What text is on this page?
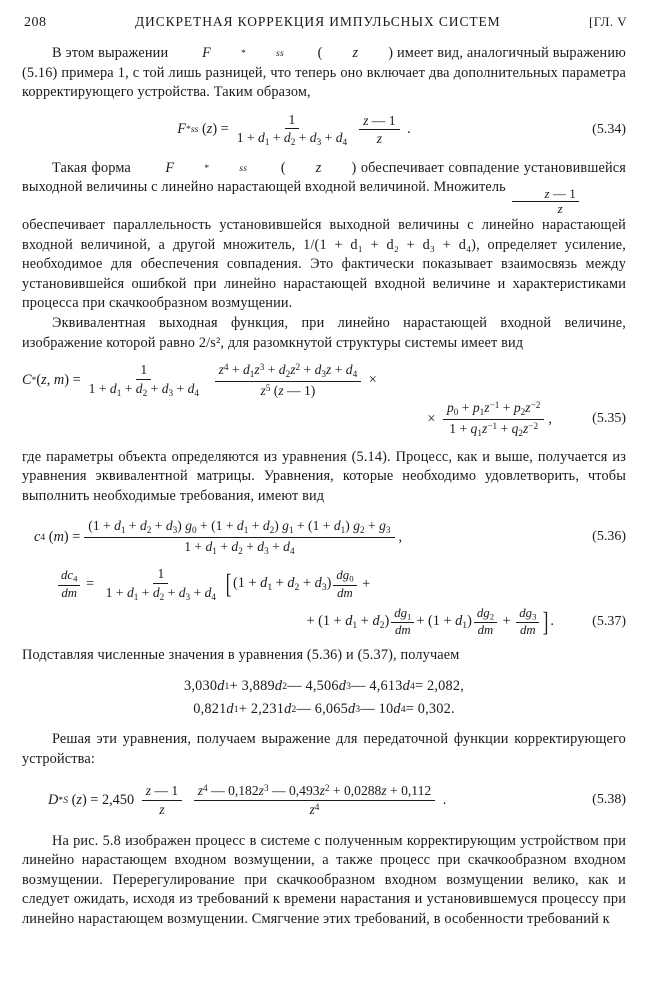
208	ДИСКРЕТНАЯ КОРРЕКЦИЯ ИМПУЛЬСНЫХ СИСТЕМ	[ГЛ. V

В этом выражении	F	*	ss (	z ) имеет вид, аналогичный выражению (5.16) примера 1, с той лишь разницей, что теперь оно включает два дополнительных параметра корректирующего устройства. Таким образом,

F * ss ( z ) = $\frac{1}{1 + d_1 + d_2 + d_3 + d_4} \frac{z — 1}{z}$ .	(5.34)

Такая форма	F	*	ss (	z ) обеспечивает совпадение установившейся выходной величины с линейно нарастающей входной величиной. Множитель $\frac{z — 1}{z}$

обеспечивает параллельность установившейся выходной величины с линейно нарастающей входной величиной, а другой множитель, 1/(1 + d₁ + d₂ + d₃ + d₄), определяет усиление, необходимое для обеспечения совпадения. Это фактически показывает взаимосвязь между установившейся ошибкой при линейно нарастающей входной величине и характеристиками процесса при скачкообразном возмущении.

Эквивалентная выходная функция, при линейно нарастающей входной величине, изображение которой равно 2/s², для разомкнутой структуры системы имеет вид

C * ( z , m ) = $\frac{1}{1 + d_1 + d_2 + d_3 + d_4}$
$\frac{z^4 + d_1z^3 + d_2z^2 + d_3z + d_4}{z^5 (z — 1)}$
×
×
$\frac{p_0 + p_1z^{-1} + p_2z^{-2}}{1 + q_1z^{-1} + q_2z^{-2}}$ ,	(5.35)

где параметры объекта определяются из уравнения (5.14). Процесс, как и выше, получается из уравнения эквивалентной матрицы. Уравнения, которые необходимо удовлетворить, чтобы выполнить необходимые требования, имеют вид

c 4 ( m ) = $\frac{(1 + d_1 + d_2 + d_3) g_0 + (1 + d_1 + d_2) g_1 + (1 + d_1) g_2 + g_3}{1 + d_1 + d_2 + d_3 + d_4}$ ,	(5.36)
$\frac{dc_4}{dm}$
=
$\frac{1}{1 + d_1 + d_2 + d_3 + d_4}$ [ $(1 + d_1 + d_2 + d_3) \frac{dg_0}{dm}$
+
+ $(1 + d_1 + d_2) \frac{dg_1}{dm} + (1 + d_1) \frac{dg_2}{dm}$
+
$\frac{dg_3}{dm}$ ] .	(5.37)

Подставляя численные значения в уравнения (5.36) и (5.37), получаем

3,030 d 1 + 3,889 d 2 — 4,506 d 3 — 4,613 d 4 = 2,082,
0,821 d 1 + 2,231 d 2 — 6,065 d 3 — 10 d 4 = 0,302.

Решая эти уравнения, получаем выражение для передаточной функции корректирующего устройства:

D * S ( z ) = $2,450 \frac{z — 1}{z}$
$\frac{z^4 — 0,182z^3 — 0,493z^2 + 0,0288z + 0,112}{z^4}$
.	(5.38)

На рис. 5.8 изображен процесс в системе с полученным корректирующим устройством при линейно нарастающем входном возмущении, а также процесс при скачкообразном входном возмущении. Перерегулирование при скачкообразном входном возмущении велико, как и следует ожидать, исходя из требований к времени нарастания и установившемуся процессу при линейно нарастающем возмущении. Смягчение этих требований, в особенности требований к
